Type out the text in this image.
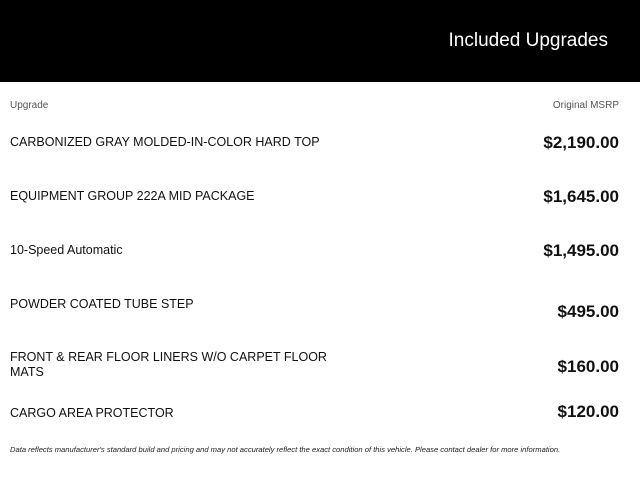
Included Upgrades
Upgrade	Original MSRP
CARBONIZED GRAY MOLDED-IN-COLOR HARD TOP	$2,190.00
EQUIPMENT GROUP 222A MID PACKAGE	$1,645.00
10-Speed Automatic	$1,495.00
POWDER COATED TUBE STEP	$495.00
FRONT & REAR FLOOR LINERS W/O CARPET FLOOR MATS	$160.00
CARGO AREA PROTECTOR	$120.00
Data reflects manufacturer's standard build and pricing and may not accurately reflect the exact condition of this vehicle. Please contact dealer for more information.
